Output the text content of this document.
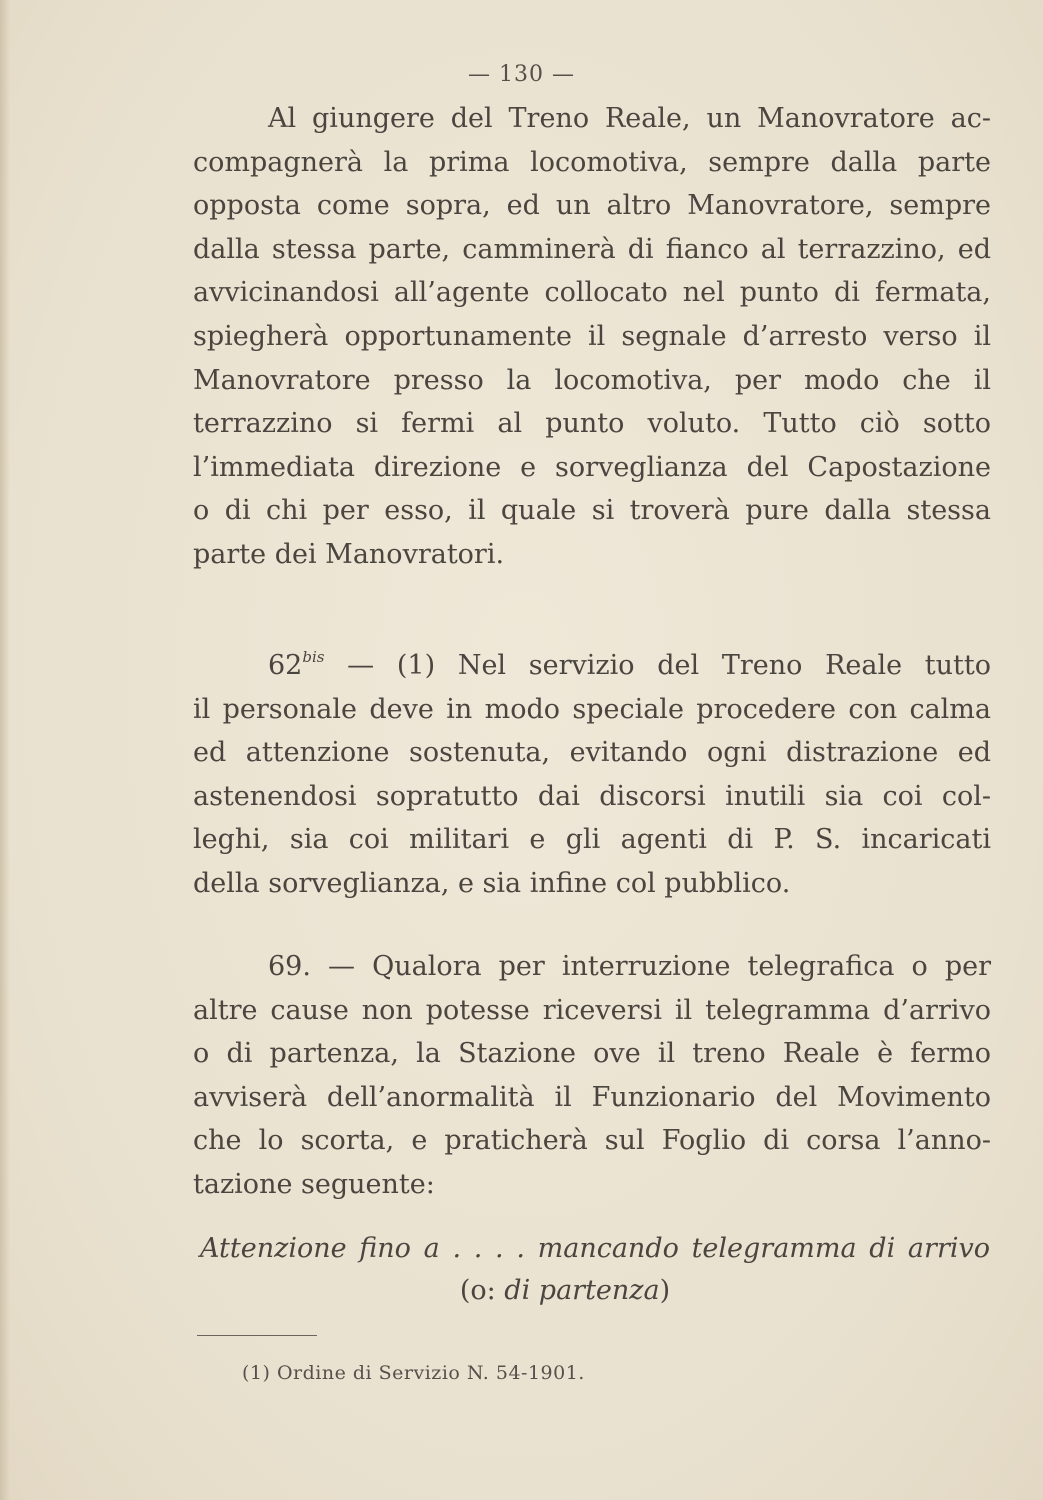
— 130 —
Al giungere del Treno Reale, un Manovratore ac-
compagnerà la prima locomotiva, sempre dalla parte
opposta come sopra, ed un altro Manovratore, sempre
dalla stessa parte, camminerà di fianco al terrazzino, ed
avvicinandosi all’agente collocato nel punto di fermata,
spiegherà opportunamente il segnale d’arresto verso il
Manovratore presso la locomotiva, per modo che il
terrazzino si fermi al punto voluto. Tutto ciò sotto
l’immediata direzione e sorveglianza del Capostazione
o di chi per esso, il quale si troverà pure dalla stessa
parte dei Manovratori.
$62^{bis}$ — (1) Nel servizio del Treno Reale tutto
il personale deve in modo speciale procedere con calma
ed attenzione sostenuta, evitando ogni distrazione ed
astenendosi sopratutto dai discorsi inutili sia coi col-
leghi, sia coi militari e gli agenti di P. S. incaricati
della sorveglianza, e sia infine col pubblico.
69. — Qualora per interruzione telegrafica o per
altre cause non potesse riceversi il telegramma d’arrivo
o di partenza, la Stazione ove il treno Reale è fermo
avviserà dell’anormalità il Funzionario del Movimento
che lo scorta, e praticherà sul Foglio di corsa l’anno-
tazione seguente:
Attenzione fino a . . . . mancando telegramma di arrivo
(o: di partenza)
(1) Ordine di Servizio N. 54-1901.
